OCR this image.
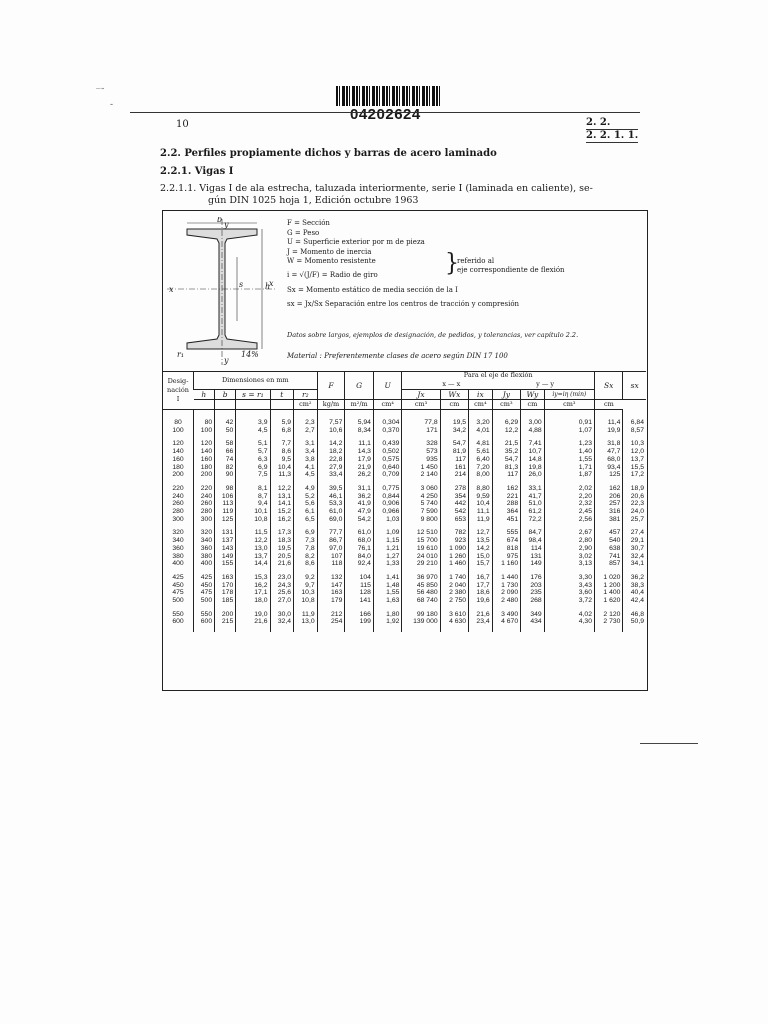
‾˘
-
04202624
10	2. 2.
2. 2. 1. 1.
2.2. Perfiles propiamente dichos y barras de acero laminado
2.2.1. Vigas I
2.2.1.1. Vigas I de ala estrecha, taluzada interiormente, serie I (laminada en caliente), se-
gún DIN 1025 hoja 1, Edición octubre 1963
x
x
y
y
h
b
s
r₁	14%
F = Sección
G = Peso
U = Superficie exterior por m de pieza
J = Momento de inercia
W = Momento resistente
i = √(J/F) = Radio de giro
Sx = Momento estático de media sección de la I
sx = Jx/Sx Separación entre los centros de tracción y compresión
}
referido al
eje correspondiente de flexión
Datos sobre largos, ejemplos de designación, de pedidos, y tolerancias, ver capítulo 2.2.
Material : Preferentemente clases de acero según DIN 17 100
Desig-nación I	Dimensiones en mm					F	G	U	Para el eje de flexión
x — x y — y						Sx	sx
	h	b	s = r₁	t	r₂				Jx	Wx	ix	Jy	Wy	iy=iη (min)		
					cm²	kg/m	m²/m	cm⁴	cm³	cm	cm⁴	cm³	cm	cm³	cm	

80	80	42	3,9	5,9	2,3	7,57	5,94	0,304	77,8	19,5	3,20	6,29	3,00	0,91	11,4	6,84
100	100	50	4,5	6,8	2,7	10,6	8,34	0,370	171	34,2	4,01	12,2	4,88	1,07	19,9	8,57

120	120	58	5,1	7,7	3,1	14,2	11,1	0,439	328	54,7	4,81	21,5	7,41	1,23	31,8	10,3
140	140	66	5,7	8,6	3,4	18,2	14,3	0,502	573	81,9	5,61	35,2	10,7	1,40	47,7	12,0
160	160	74	6,3	9,5	3,8	22,8	17,9	0,575	935	117	6,40	54,7	14,8	1,55	68,0	13,7
180	180	82	6,9	10,4	4,1	27,9	21,9	0,640	1 450	161	7,20	81,3	19,8	1,71	93,4	15,5
200	200	90	7,5	11,3	4,5	33,4	26,2	0,709	2 140	214	8,00	117	26,0	1,87	125	17,2

220	220	98	8,1	12,2	4,9	39,5	31,1	0,775	3 060	278	8,80	162	33,1	2,02	162	18,9
240	240	106	8,7	13,1	5,2	46,1	36,2	0,844	4 250	354	9,59	221	41,7	2,20	206	20,6
260	260	113	9,4	14,1	5,6	53,3	41,9	0,906	5 740	442	10,4	288	51,0	2,32	257	22,3
280	280	119	10,1	15,2	6,1	61,0	47,9	0,966	7 590	542	11,1	364	61,2	2,45	316	24,0
300	300	125	10,8	16,2	6,5	69,0	54,2	1,03	9 800	653	11,9	451	72,2	2,56	381	25,7

320	320	131	11,5	17,3	6,9	77,7	61,0	1,09	12 510	782	12,7	555	84,7	2,67	457	27,4
340	340	137	12,2	18,3	7,3	86,7	68,0	1,15	15 700	923	13,5	674	98,4	2,80	540	29,1
360	360	143	13,0	19,5	7,8	97,0	76,1	1,21	19 610	1 090	14,2	818	114	2,90	638	30,7
380	380	149	13,7	20,5	8,2	107	84,0	1,27	24 010	1 260	15,0	975	131	3,02	741	32,4
400	400	155	14,4	21,6	8,6	118	92,4	1,33	29 210	1 460	15,7	1 160	149	3,13	857	34,1

425	425	163	15,3	23,0	9,2	132	104	1,41	36 970	1 740	16,7	1 440	176	3,30	1 020	36,2
450	450	170	16,2	24,3	9,7	147	115	1,48	45 850	2 040	17,7	1 730	203	3,43	1 200	38,3
475	475	178	17,1	25,6	10,3	163	128	1,55	56 480	2 380	18,6	2 090	235	3,60	1 400	40,4
500	500	185	18,0	27,0	10,8	179	141	1,63	68 740	2 750	19,6	2 480	268	3,72	1 620	42,4

550	550	200	19,0	30,0	11,9	212	166	1,80	99 180	3 610	21,6	3 490	349	4,02	2 120	46,8
600	600	215	21,6	32,4	13,0	254	199	1,92	139 000	4 630	23,4	4 670	434	4,30	2 730	50,9
